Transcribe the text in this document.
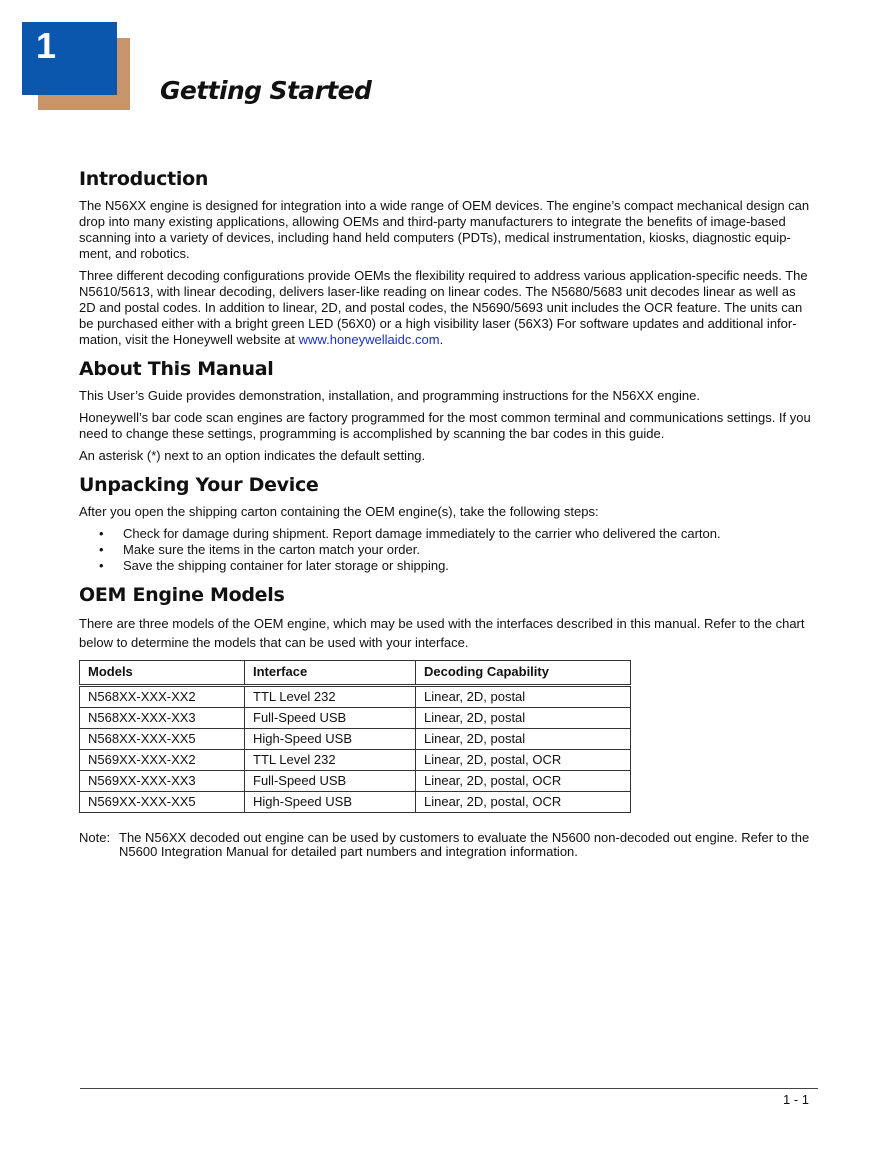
1
Getting Started
Introduction

The N56XX engine is designed for integration into a wide range of OEM devices. The engine’s compact mechanical design can drop into many existing applications, allowing OEMs and third-party manufacturers to integrate the benefits of image-based scanning into a variety of devices, including hand held computers (PDTs), medical instrumentation, kiosks, diagnostic equip-ment, and robotics.

Three different decoding configurations provide OEMs the flexibility required to address various application-specific needs. The N5610/5613, with linear decoding, delivers laser-like reading on linear codes. The N5680/5683 unit decodes linear as well as 2D and postal codes. In addition to linear, 2D, and postal codes, the N5690/5693 unit includes the OCR feature. The units can be purchased either with a bright green LED (56X0) or a high visibility laser (56X3) For software updates and additional infor-mation, visit the Honeywell website at www.honeywellaidc.com.

About This Manual

This User’s Guide provides demonstration, installation, and programming instructions for the N56XX engine.

Honeywell’s bar code scan engines are factory programmed for the most common terminal and communications settings. If you need to change these settings, programming is accomplished by scanning the bar codes in this guide.

An asterisk (*) next to an option indicates the default setting.

Unpacking Your Device

After you open the shipping carton containing the OEM engine(s), take the following steps:

• Check for damage during shipment. Report damage immediately to the carrier who delivered the carton.
• Make sure the items in the carton match your order.
• Save the shipping container for later storage or shipping.
OEM Engine Models

There are three models of the OEM engine, which may be used with the interfaces described in this manual. Refer to the chart below to determine the models that can be used with your interface.

Models	Interface	Decoding Capability
N568XX-XXX-XX2	TTL Level 232	Linear, 2D, postal
N568XX-XXX-XX3	Full-Speed USB	Linear, 2D, postal
N568XX-XXX-XX5	High-Speed USB	Linear, 2D, postal
N569XX-XXX-XX2	TTL Level 232	Linear, 2D, postal, OCR
N569XX-XXX-XX3	Full-Speed USB	Linear, 2D, postal, OCR
N569XX-XXX-XX5	High-Speed USB	Linear, 2D, postal, OCR
Note: The N56XX decoded out engine can be used by customers to evaluate the N5600 non-decoded out engine. Refer to the N5600 Integration Manual for detailed part numbers and integration information.
1 - 1
